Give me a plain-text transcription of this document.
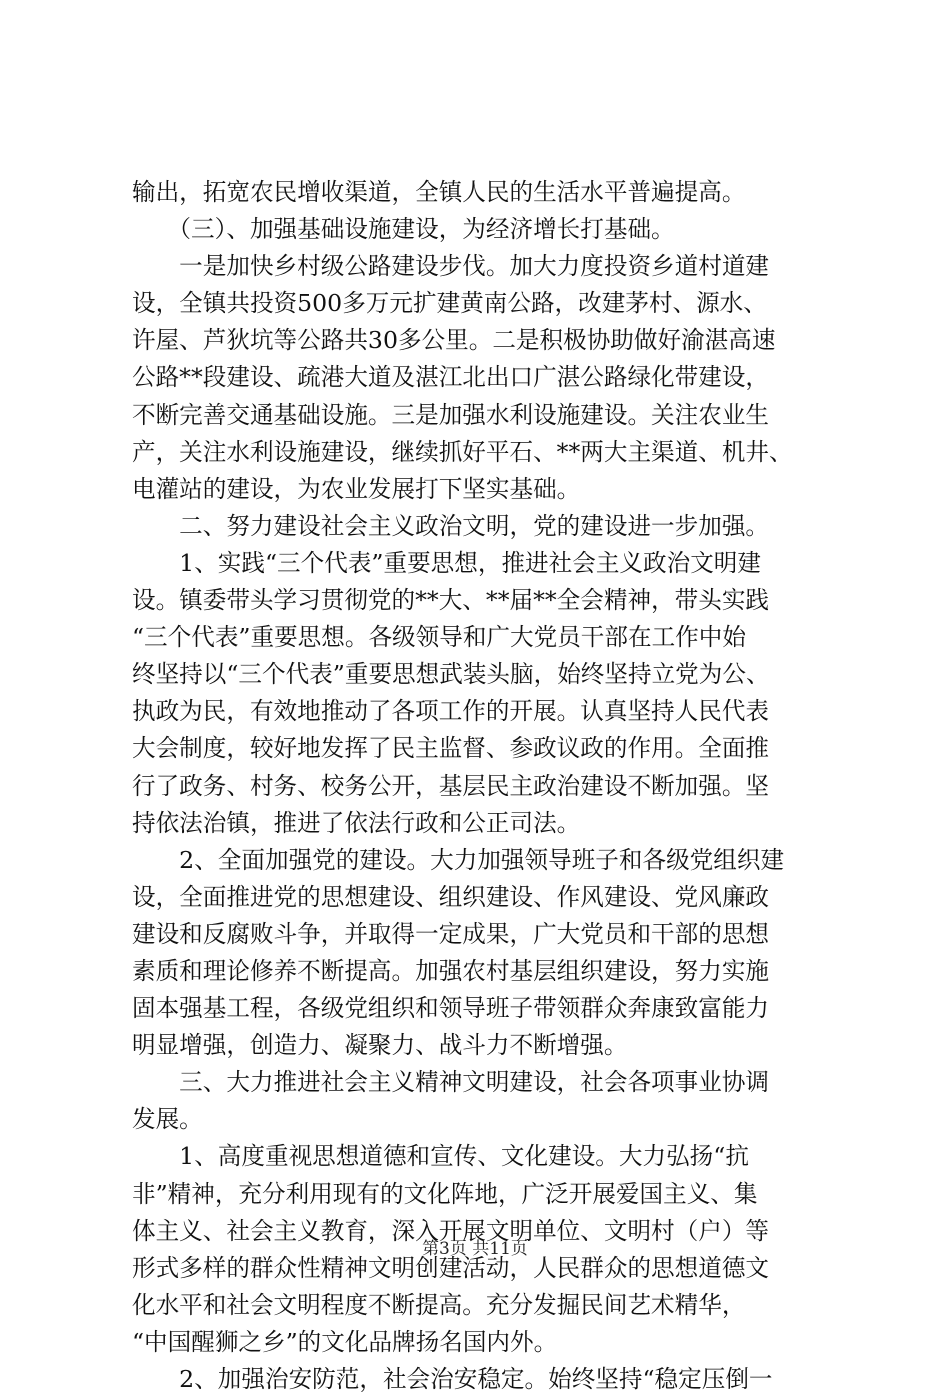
输出，拓宽农民增收渠道，全镇人民的生活水平普遍提高。
　　（三）、加强基础设施建设，为经济增长打基础。
　　一是加快乡村级公路建设步伐。加大力度投资乡道村道建
设，全镇共投资500多万元扩建黄南公路，改建茅村、源水、
许屋、芦狄坑等公路共30多公里。二是积极协助做好渝湛高速
公路**段建设、疏港大道及湛江北出口广湛公路绿化带建设，
不断完善交通基础设施。三是加强水利设施建设。关注农业生
产，关注水利设施建设，继续抓好平石、**两大主渠道、机井、
电灌站的建设，为农业发展打下坚实基础。
　　二、努力建设社会主义政治文明，党的建设进一步加强。
　　1、实践“三个代表”重要思想，推进社会主义政治文明建
设。镇委带头学习贯彻党的**大、**届**全会精神，带头实践
“三个代表”重要思想。各级领导和广大党员干部在工作中始
终坚持以“三个代表”重要思想武装头脑，始终坚持立党为公、
执政为民，有效地推动了各项工作的开展。认真坚持人民代表
大会制度，较好地发挥了民主监督、参政议政的作用。全面推
行了政务、村务、校务公开，基层民主政治建设不断加强。坚
持依法治镇，推进了依法行政和公正司法。
　　2、全面加强党的建设。大力加强领导班子和各级党组织建
设，全面推进党的思想建设、组织建设、作风建设、党风廉政
建设和反腐败斗争，并取得一定成果，广大党员和干部的思想
素质和理论修养不断提高。加强农村基层组织建设，努力实施
固本强基工程，各级党组织和领导班子带领群众奔康致富能力
明显增强，创造力、凝聚力、战斗力不断增强。
　　三、大力推进社会主义精神文明建设，社会各项事业协调
发展。
　　1、高度重视思想道德和宣传、文化建设。大力弘扬“抗
非”精神，充分利用现有的文化阵地，广泛开展爱国主义、集
体主义、社会主义教育，深入开展文明单位、文明村（户）等
形式多样的群众性精神文明创建活动，人民群众的思想道德文
化水平和社会文明程度不断提高。充分发掘民间艺术精华，
“中国醒狮之乡”的文化品牌扬名国内外。
　　2、加强治安防范，社会治安稳定。始终坚持“稳定压倒一
第3页 共11页
